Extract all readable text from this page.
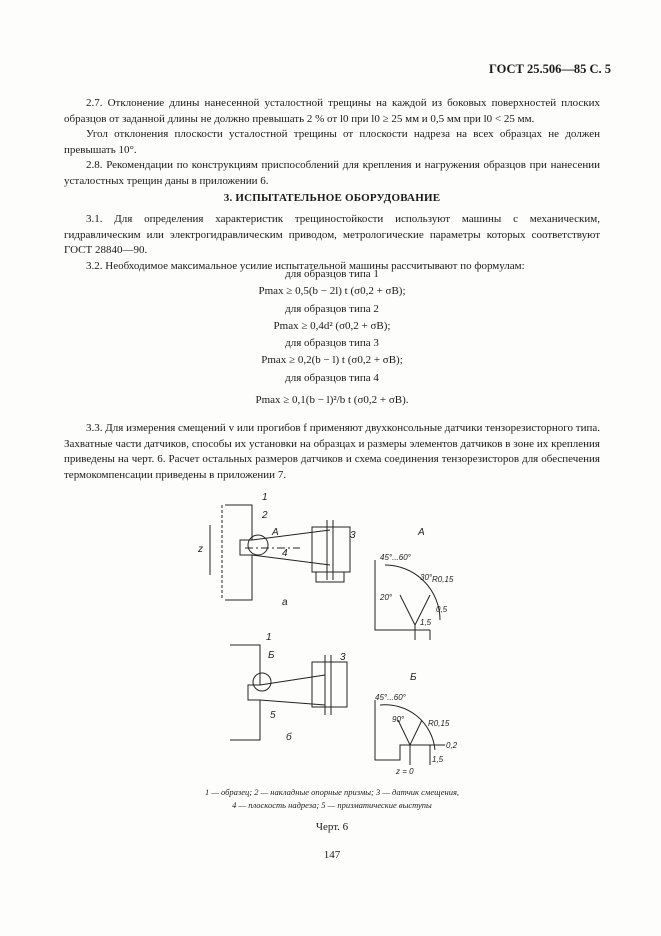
ГОСТ 25.506—85 С. 5

2.7. Отклонение длины нанесенной усталостной трещины на каждой из боковых поверхностей плоских образцов от заданной длины не должно превышать 2 % от l0 при l0 ≥ 25 мм и 0,5 мм при l0 < 25 мм.

Угол отклонения плоскости усталостной трещины от плоскости надреза на всех образцах не должен превышать 10°.

2.8. Рекомендации по конструкциям приспособлений для крепления и нагружения образцов при нанесении усталостных трещин даны в приложении 6.

3. ИСПЫТАТЕЛЬНОЕ ОБОРУДОВАНИЕ

3.1. Для определения характеристик трещиностойкости используют машины с механическим, гидравлическим или электрогидравлическим приводом, метрологические параметры которых соответствуют ГОСТ 28840—90.

3.2. Необходимое максимальное усилие испытательной машины рассчитывают по формулам:

для образцов типа 1
Pmax ≥ 0,5(b − 2l) t (σ0,2 + σB);
для образцов типа 2
Pmax ≥ 0,4d² (σ0,2 + σB);
для образцов типа 3
Pmax ≥ 0,2(b − l) t (σ0,2 + σB);
для образцов типа 4
Pmax ≥ 0,1(b − l)²/b t (σ0,2 + σB).

3.3. Для измерения смещений v или прогибов f применяют двухконсольные датчики тензорезисторного типа. Захватные части датчиков, способы их установки на образцах и размеры элементов датчиков в зоне их крепления приведены на черт. 6. Расчет остальных размеров датчиков и схема соединения тензорезисторов для обеспечения термокомпенсации приведены в приложении 7.

1
2
А
4
3
z
а
А
45°...60°
30°
20°
R0,15
1,5
0,5
1
Б	3
5
б
Б
45°...60°
90°	R0,15
1,5
0,2
z = 0
1 — образец; 2 — накладные опорные призмы; 3 — датчик смещения,
4 — плоскость надреза; 5 — призматические выступы
Черт. 6
147
